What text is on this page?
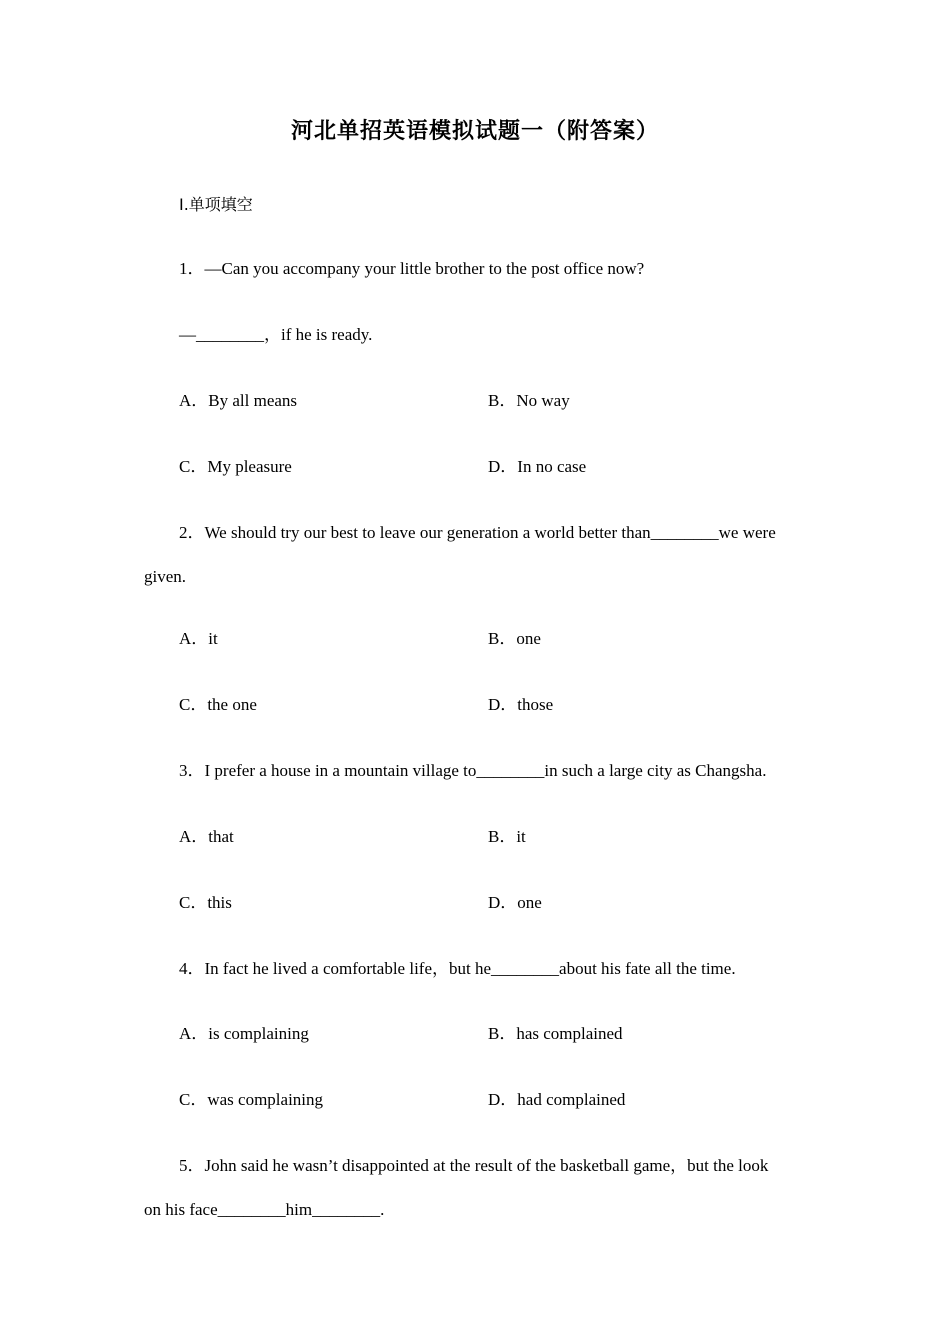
河北单招英语模拟试题一（附答案）
Ⅰ.单项填空
1．—Can you accompany your little brother to the post office now?
—________，if he is ready.
A．By all means	B．No way
C．My pleasure	D．In no case
2．We should try our best to leave our generation a world better than________we were
given.
A．it	B．one
C．the one	D．those
3．I prefer a house in a mountain village to________in such a large city as Changsha.
A．that	B．it
C．this	D．one
4．In fact he lived a comfortable life，but he________about his fate all the time.
A．is complaining	B．has complained
C．was complaining	D．had complained
5．John said he wasn’t disappointed at the result of the basketball game，but the look
on his face________him________.
